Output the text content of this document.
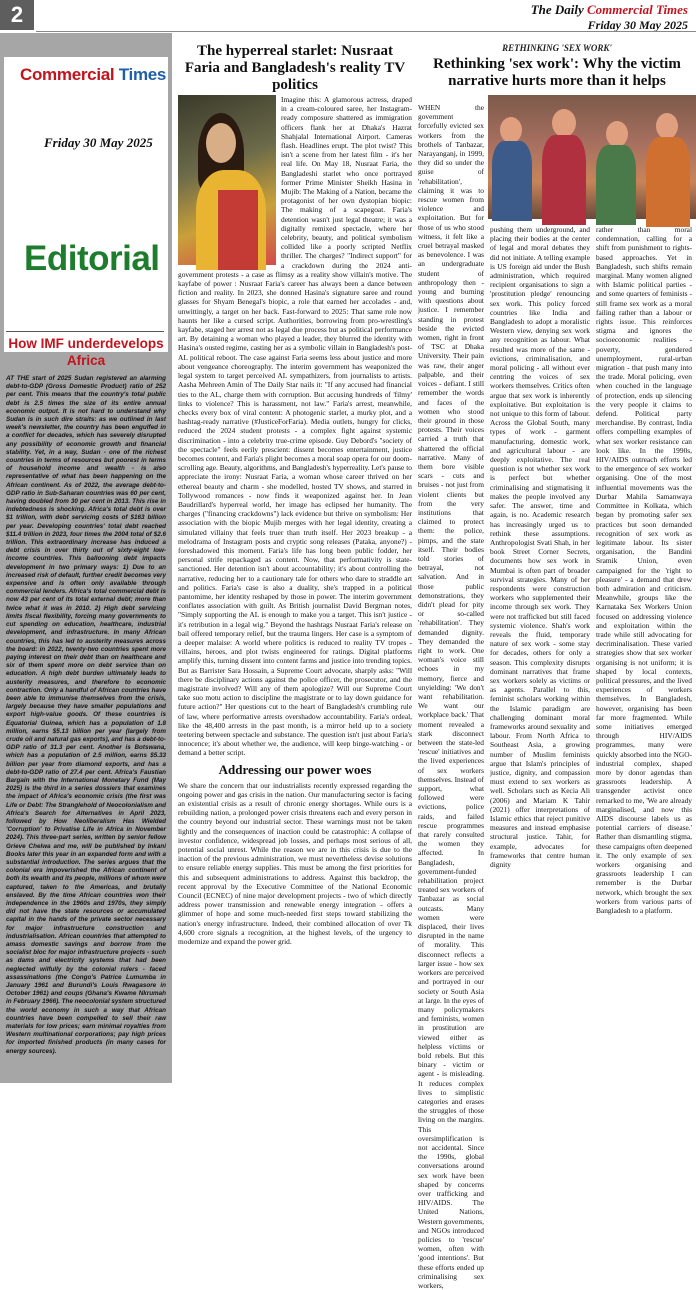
2	The Daily Commercial Times
Friday 30 May 2025
Commercial Times
Friday 30 May 2025
Editorial
How IMF underdevelops Africa
AT THE start of 2025 Sudan registered an alarming debt-to-GDP (Gross Domestic Product) ratio of 252 per cent. This means that the country's total public debt is 2.5 times the size of its entire annual economic output. It is not hard to understand why Sudan is in such dire straits: as we outlined in last week's newsletter, the country has been engulfed in a conflict for decades, which has severely disrupted any possibility of economic growth and financial stability. Yet, in a way, Sudan - one of the richest countries in terms of resources but poorest in terms of household income and wealth - is also representative of what has been happening on the African continent. As of 2022, the average debt-to-GDP ratio in Sub-Saharan countries was 60 per cent, having doubled from 30 per cent in 2013. This rise in indebtedness is shocking. Africa's total debt is over $1 trillion, with debt servicing costs of $163 billion per year. Developing countries' total debt reached $11.4 trillion in 2023, four times the 2004 total of $2.6 trillion. This extraordinary increase has induced a debt crisis in over thirty out of sixty-eight low-income countries. This ballooning debt impacts development in two primary ways: 1) Due to an increased risk of default, further credit becomes very expensive and is often only available through commercial lenders. Africa's total commercial debt is now 43 per cent of its total external debt; more than twice what it was in 2010. 2) High debt servicing limits fiscal flexibility, forcing many governments to cut spending on education, healthcare, industrial development, and infrastructure. In many African countries, this has led to austerity measures across the board: in 2022, twenty-two countries spent more paying interest on their debt than on healthcare and six of them spent more on debt service than on education. A high debt burden ultimately leads to austerity measures, and therefore to economic contraction. Only a handful of African countries have been able to immunise themselves from the crisis, largely because they have smaller populations and export high-value goods. Of these countries is Equatorial Guinea, which has a population of 1.8 million, earns $5.13 billion per year (largely from crude oil and natural gas exports), and has a debt-to-GDP ratio of 31.3 per cent. Another is Botswana, which has a population of 2.5 million, earns $5.33 billion per year from diamond exports, and has a debt-to-GDP ratio of 27.4 per cent. Africa's Faustian Bargain with the International Monetary Fund (May 2025) is the third in a series dossiers that examines the impact of Africa's economic crisis (the first was Life or Debt: The Stranglehold of Neocolonialism and Africa's Search for Alternatives in April 2023, followed by How Neoliberalism Has Wielded 'Corruption' to Privatise Life in Africa in November 2024). This three-part series, written by senior fellow Grieve Chelwa and me, will be published by Inkani Books later this year in an expanded form and with a substantial introduction. The series argues that the colonial era impoverished the African continent of both its wealth and its people, millions of whom were captured, taken to the Americas, and brutally enslaved. By the time African countries won their independence in the 1960s and 1970s, they simply did not have the state resources or accumulated capital in the hands of the private sector necessary for major infrastructure construction and industrialisation. African countries that attempted to amass domestic savings and borrow from the socialist bloc for major infrastructure projects - such as dams and electricity systems that had been neglected wilfully by the colonial rulers - faced assassinations (the Congo's Patrice Lumumba in January 1961 and Burundi's Louis Rwagasore in October 1961) and coups (Ghana's Kwame Nkrumah in February 1966). The neocolonial system structured the world economy in such a way that African countries have been compelled to sell their raw materials for low prices; earn minimal royalties from Western multinational corporations; pay high prices for imported finished products (in many cases for energy sources).
The hyperreal starlet: Nusraat Faria and Bangladesh's reality TV politics
Imagine this: A glamorous actress, draped in a cream-coloured saree, her Instagram-ready composure shattered as immigration officers flank her at Dhaka's Hazrat Shahjalal International Airport. Cameras flash. Headlines erupt. The plot twist? This isn't a scene from her latest film - it's her real life. On May 18, Nusraat Faria, the Bangladeshi starlet who once portrayed former Prime Minister Sheikh Hasina in Mujib: The Making of a Nation, became the protagonist of her own dystopian biopic: The making of a scapegoat. Faria's detention wasn't just legal theatre; it was a digitally remixed spectacle, where her celebrity, beauty, and political symbolism collided like a poorly scripted Netflix thriller. The charges? "Indirect support" for a crackdown during the 2024 anti-government protests - a case as flimsy as a reality show villain's motive. The kayfabe of power : Nusraat Faria's career has always been a dance between fiction and reality. In 2023, she donned Hasina's signature saree and round glasses for Shyam Benegal's biopic, a role that earned her accolades - and, unwittingly, a target on her back. Fast-forward to 2025: That same role now haunts her like a cursed script. Authorities, borrowing from pro-wrestling's kayfabe, staged her arrest not as legal due process but as political performance art. By detaining a woman who played a leader, they blurred the identity with Hasina's ousted regime, casting her as a symbolic villain in Bangladesh's post-AL political reboot. The case against Faria seems less about justice and more about vengeance choreography. The interim government has weaponized the legal system to target perceived AL sympathizers, from journalists to artists. Aasha Mehreen Amin of The Daily Star nails it: "If any accused had financial ties to the AL, charge them with corruption. But accusing hundreds of 'filmy' links to violence? This is harassment, not law." Faria's arrest, meanwhile, checks every box of viral content: A photogenic starlet, a murky plot, and a hashtag-ready narrative (#JusticeForFaria). Media outlets, hungry for clicks, reduced the 2024 student protests - a complex fight against systemic discrimination - into a celebrity true-crime episode. Guy Debord's "society of the spectacle" feels eerily prescient: dissent becomes entertainment, justice becomes content, and Faria's plight becomes a moral soap opera for our doom-scrolling age. Beauty, algorithms, and Bangladesh's hyperreality. Let's pause to appreciate the irony: Nusraat Faria, a woman whose career thrived on her ethereal beauty and charm - she modelled, hosted TV shows, and starred in Tollywood romances - now finds it weaponized against her. In Jean Baudrillard's hyperreal world, her image has eclipsed her humanity. The charges ("financing crackdowns") lack evidence but thrive on symbolism: Her association with the biopic Mujib merges with her legal identity, creating a simulated villainy that feels truer than truth itself. Her 2023 breakup - a melodrama of Instagram posts and cryptic song releases (Pataka, anyone?) - foreshadowed this moment. Faria's life has long been public fodder, her personal strife repackaged as content. Now, that performativity is state-sanctioned. Her detention isn't about accountability; it's about controlling the narrative, reducing her to a cautionary tale for others who dare to straddle art and politics. Faria's case is also a duality, she's trapped in a political pantomime, her identity reshaped by those in power. The interim government conflates association with guilt. As British journalist David Bergman notes, "Simply supporting the AL is enough to make you a target. This isn't justice - it's retribution in a legal wig." Beyond the hashtags Nusraat Faria's release on bail offered temporary relief, but the trauma lingers. Her case is a symptom of a deeper malaise: A world where politics is reduced to reality TV tropes - villains, heroes, and plot twists engineered for ratings. Digital platforms amplify this, turning dissent into content farms and justice into trending topics. But as Barrister Sara Hossain, a Supreme Court advocate, sharply asks: "Will there be disciplinary actions against the police officer, the prosecutor, and the magistrate involved? Will any of them apologize? Will our Supreme Court take suo motu action to discipline the magistrate or to lay down guidance for future action?" Her questions cut to the heart of Bangladesh's crumbling rule of law, where performative arrests overshadow accountability. Faria's ordeal, like the 48,400 arrests in the past month, is a mirror held up to a society teetering between spectacle and substance. The question isn't just about Faria's innocence; it's about whether we, the audience, will keep binge-watching - or demand a better script.
Addressing our power woes
We share the concern that our industrialists recently expressed regarding the ongoing power and gas crisis in the nation. Our manufacturing sector is facing an existential crisis as a result of chronic energy shortages. While ours is a rebuilding nation, a prolonged power crisis threatens each and every person in the country beyond our industrial sector. These warnings must not be taken lightly and the consequences of inaction could be catastrophic: A collapse of investor confidence, widespread job losses, and perhaps most serious of all, potential social unrest. While the reason we are in this crisis is due to the inaction of the previous administration, we must nevertheless devise solutions to ensure reliable energy supplies. This must be among the first priorities for this and subsequent administrations to address. Against this backdrop, the recent approval by the Executive Committee of the National Economic Council (ECNEC) of nine major development projects - two of which directly address power transmission and renewable energy integration - offers a glimmer of hope and some much-needed first steps toward stabilizing the nation's energy infrastructure. Indeed, their combined allocation of over Tk 4,600 crore signals a recognition, at the highest levels, of the urgency to modernize and expand the power grid.
RETHINKING 'SEX WORK'
Rethinking 'sex work': Why the victim narrative hurts more than it helps
WHEN the government forcefully evicted sex workers from the brothels of Tanbazar, Narayanganj, in 1999, they did so under the guise of 'rehabilitation', claiming it was to rescue women from violence and exploitation. But for those of us who stood witness, it felt like a cruel betrayal masked as benevolence. I was an undergraduate student of anthropology then - young and burning with questions about justice. I remember standing in protest beside the evicted women, right in front of TSC at Dhaka University. Their pain was raw, their anger palpable, and their voices - defiant. I still remember the words and faces of the women who stood their ground in those protests. Their voices carried a truth that shattered the official narrative. Many of them bore visible scars - cuts and bruises - not just from violent clients but from the very institutions that claimed to protect them: the police, pimps, and the state itself. Their bodies told stories of betrayal, not salvation. And in those public demonstrations, they didn't plead for pity or so-called 'rehabilitation'. They demanded dignity. They demanded the right to work. One woman's voice still echoes in my memory, fierce and unyielding: 'We don't want rehabilitation. We want our workplace back.' That moment revealed a stark disconnect between the state-led 'rescue' initiatives and the lived experiences of sex workers themselves. Instead of support, what followed were evictions, police raids, and failed rescue programmes that rarely consulted the women they affected. In Bangladesh, government-funded rehabilitation project treated sex workers of Tanbazar as social outcasts. Many women were displaced, their lives disrupted in the name of morality. This disconnect reflects a larger issue - how sex workers are perceived and portrayed in our society or South Asia at large. In the eyes of many policymakers and feminists, women in prostitution are viewed either as helpless victims or bold rebels. But this binary - victim or agent - is misleading. It reduces complex lives to simplistic categories and erases the struggles of those living on the margins. This oversimplification is not accidental. Since the 1990s, global conversations around sex work have been shaped by concerns over trafficking and HIV/AIDS. The United Nations, Western governments, and NGOs introduced policies to 'rescue' women, often with 'good intentions'. But these efforts ended up criminalising sex workers,
pushing them underground, and placing their bodies at the center of legal and moral debates they did not initiate. A telling example is US foreign aid under the Bush administration, which required recipient organisations to sign a 'prostitution pledge' renouncing sex work. This policy forced countries like India and Bangladesh to adopt a moralistic Western view, denying sex work any recognition as labour. What resulted was more of the same - evictions, criminalisation, and moral policing - all without ever centring the voices of sex workers themselves. Critics often argue that sex work is inherently exploitative. But exploitation is not unique to this form of labour. Across the Global South, many types of work - garment manufacturing, domestic work, and agricultural labour - are deeply exploitative. The real question is not whether sex work is perfect but whether criminalising and stigmatising it makes the people involved any safer. The answer, time and again, is no. Academic research has increasingly urged us to rethink these assumptions. Anthropologist Svati Shah, in her book Street Corner Secrets, documents how sex work in Mumbai is often part of broader survival strategies. Many of her respondents were construction workers who supplemented their income through sex work. They were not trafficked but still faced systemic violence. Shah's work reveals the fluid, temporary nature of sex work - some stay for decades, others for only a season. This complexity disrupts dominant narratives that frame sex workers solely as victims or as agents. Parallel to this, feminist scholars working within the Islamic paradigm are challenging dominant moral frameworks around sexuality and labour. From North Africa to Southeast Asia, a growing number of Muslim feminists argue that Islam's principles of justice, dignity, and compassion must extend to sex workers as well. Scholars such as Kecia Ali (2006) and Mariam K Tahir (2021) offer interpretations of Islamic ethics that reject punitive measures and instead emphasise structural justice. Tahir, for example, advocates for frameworks that centre human dignity
rather than moral condemnation, calling for a shift from punishment to rights-based approaches. Yet in Bangladesh, such shifts remain marginal. Many women aligned with Islamic political parties - and some quarters of feminists - still frame sex work as a moral failing rather than a labour or rights issue. This reinforces stigma and ignores the socioeconomic realities - poverty, gendered unemployment, rural-urban migration - that push many into the trade. Moral policing, even when couched in the language of protection, ends up silencing the very people it claims to defend. Political party merchandise. By contrast, India offers compelling examples of what sex worker resistance can look like. In the 1990s, HIV/AIDS outreach efforts led to the emergence of sex worker organising. One of the most influential movements was the Durbar Mahila Samanwaya Committee in Kolkata, which began by promoting safer sex practices but soon demanded recognition of sex work as legitimate labour. Its sister organisation, the Bandini Sramik Union, even campaigned for the 'right to pleasure' - a demand that drew both admiration and criticism. Meanwhile, groups like the Karnataka Sex Workers Union focused on addressing violence and exploitation within the trade while still advocating for decriminalisation. These varied strategies show that sex worker organising is not uniform; it is shaped by local contexts, political pressures, and the lived experiences of workers themselves. In Bangladesh, however, organising has been far more fragmented. While some initiatives emerged through HIV/AIDS programmes, many were quickly absorbed into the NGO-industrial complex, shaped more by donor agendas than grassroots leadership. A transgender activist once remarked to me, 'We are already marginalised, and now this AIDS discourse labels us as potential carriers of disease.' Rather than dismantling stigma, these campaigns often deepened it. The only example of sex workers organising and grassroots leadership I can remember is the Durbar network, which brought the sex workers from various parts of Bangladesh to a platform.
